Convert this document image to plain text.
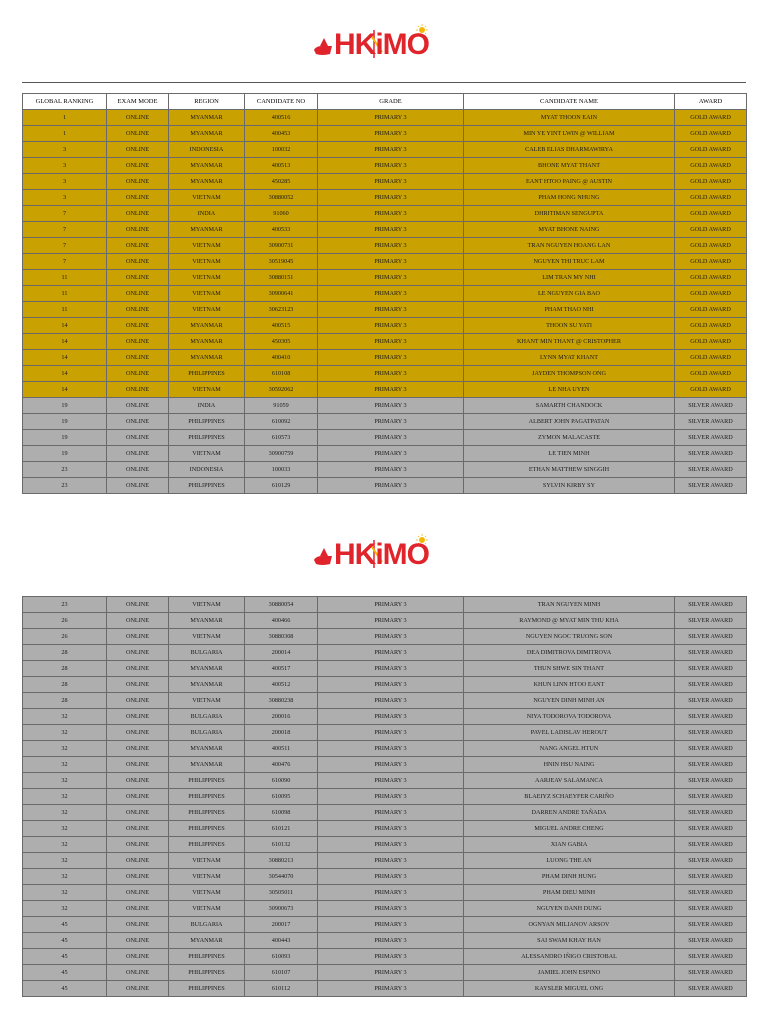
HKiMO
GLOBAL RANKING	EXAM MODE	REGION	CANDIDATE NO	GRADE	CANDIDATE NAME	AWARD
1	ONLINE	MYANMAR	400516	PRIMARY 3	MYAT THOON EAIN	GOLD AWARD
1	ONLINE	MYANMAR	400453	PRIMARY 3	MIN YE YINT LWIN @ WILLIAM	GOLD AWARD
3	ONLINE	INDONESIA	100032	PRIMARY 3	CALEB ELIAS DHARMAWIRYA	GOLD AWARD
3	ONLINE	MYANMAR	400513	PRIMARY 3	BHONE MYAT THANT	GOLD AWARD
3	ONLINE	MYANMAR	450285	PRIMARY 3	EANT HTOO PAING @ AUSTIN	GOLD AWARD
3	ONLINE	VIETNAM	30880052	PRIMARY 3	PHAM HONG NHUNG	GOLD AWARD
7	ONLINE	INDIA	91060	PRIMARY 3	DHRITIMAN SENGUPTA	GOLD AWARD
7	ONLINE	MYANMAR	400533	PRIMARY 3	MYAT BHONE NAING	GOLD AWARD
7	ONLINE	VIETNAM	30900731	PRIMARY 3	TRAN NGUYEN HOANG LAN	GOLD AWARD
7	ONLINE	VIETNAM	30519045	PRIMARY 3	NGUYEN THI TRUC LAM	GOLD AWARD
11	ONLINE	VIETNAM	30880151	PRIMARY 3	LIM TRAN MY NHI	GOLD AWARD
11	ONLINE	VIETNAM	30900641	PRIMARY 3	LE NGUYEN GIA BAO	GOLD AWARD
11	ONLINE	VIETNAM	30623123	PRIMARY 3	PHAM THAO NHI	GOLD AWARD
14	ONLINE	MYANMAR	400515	PRIMARY 3	THOON SU YATI	GOLD AWARD
14	ONLINE	MYANMAR	450305	PRIMARY 3	KHANT MIN THANT @ CRISTOPHER	GOLD AWARD
14	ONLINE	MYANMAR	400410	PRIMARY 3	LYNN MYAT KHANT	GOLD AWARD
14	ONLINE	PHILIPPINES	610108	PRIMARY 3	JAYDEN THOMPSON ONG	GOLD AWARD
14	ONLINE	VIETNAM	30592062	PRIMARY 3	LE NHA UYEN	GOLD AWARD
19	ONLINE	INDIA	91059	PRIMARY 3	SAMARTH CHANDOCK	SILVER AWARD
19	ONLINE	PHILIPPINES	610092	PRIMARY 3	ALBERT JOHN PAGATPATAN	SILVER AWARD
19	ONLINE	PHILIPPINES	610573	PRIMARY 3	ZYMON MALACASTE	SILVER AWARD
19	ONLINE	VIETNAM	30900759	PRIMARY 3	LE TIEN MINH	SILVER AWARD
23	ONLINE	INDONESIA	100033	PRIMARY 3	ETHAN MATTHEW SINGGIH	SILVER AWARD
23	ONLINE	PHILIPPINES	610129	PRIMARY 3	SYLVIN KIRBY SY	SILVER AWARD
HKiMO
23	ONLINE	VIETNAM	30880054	PRIMARY 3	TRAN NGUYEN MINH	SILVER AWARD
26	ONLINE	MYANMAR	400466	PRIMARY 3	RAYMOND @ MYAT MIN THU KHA	SILVER AWARD
26	ONLINE	VIETNAM	30880308	PRIMARY 3	NGUYEN NGOC TRUONG SON	SILVER AWARD
28	ONLINE	BULGARIA	200014	PRIMARY 3	DEA DIMITROVA DIMITROVA	SILVER AWARD
28	ONLINE	MYANMAR	400517	PRIMARY 3	THUN SHWE SIN THANT	SILVER AWARD
28	ONLINE	MYANMAR	400512	PRIMARY 3	KHUN LINN HTOO EANT	SILVER AWARD
28	ONLINE	VIETNAM	30880238	PRIMARY 3	NGUYEN DINH MINH AN	SILVER AWARD
32	ONLINE	BULGARIA	200016	PRIMARY 3	NIYA TODOROVA TODOROVA	SILVER AWARD
32	ONLINE	BULGARIA	200018	PRIMARY 3	PAVEL LADISLAV HEROUT	SILVER AWARD
32	ONLINE	MYANMAR	400511	PRIMARY 3	NANG ANGEL HTUN	SILVER AWARD
32	ONLINE	MYANMAR	400476	PRIMARY 3	HNIN HSU NAING	SILVER AWARD
32	ONLINE	PHILIPPINES	610090	PRIMARY 3	AARJEAV SALAMANCA	SILVER AWARD
32	ONLINE	PHILIPPINES	610095	PRIMARY 3	BLAEIYZ SCHAEYFER CARIÑO	SILVER AWARD
32	ONLINE	PHILIPPINES	610098	PRIMARY 3	DARREN ANDRE TAÑADA	SILVER AWARD
32	ONLINE	PHILIPPINES	610121	PRIMARY 3	MIGUEL ANDRE CHENG	SILVER AWARD
32	ONLINE	PHILIPPINES	610132	PRIMARY 3	XIAN GABIA	SILVER AWARD
32	ONLINE	VIETNAM	30880213	PRIMARY 3	LUONG THE AN	SILVER AWARD
32	ONLINE	VIETNAM	30544070	PRIMARY 3	PHAM DINH HUNG	SILVER AWARD
32	ONLINE	VIETNAM	30505011	PRIMARY 3	PHAM DIEU MINH	SILVER AWARD
32	ONLINE	VIETNAM	30900673	PRIMARY 3	NGUYEN DANH DUNG	SILVER AWARD
45	ONLINE	BULGARIA	200017	PRIMARY 3	OGNYAN MILIANOV ARSOV	SILVER AWARD
45	ONLINE	MYANMAR	400443	PRIMARY 3	SAI SWAM KHAY HAN	SILVER AWARD
45	ONLINE	PHILIPPINES	610093	PRIMARY 3	ALESSANDRO IÑIGO CRISTOBAL	SILVER AWARD
45	ONLINE	PHILIPPINES	610107	PRIMARY 3	JAMIEL JOHN ESPINO	SILVER AWARD
45	ONLINE	PHILIPPINES	610112	PRIMARY 3	KAYSLER MIGUEL ONG	SILVER AWARD
